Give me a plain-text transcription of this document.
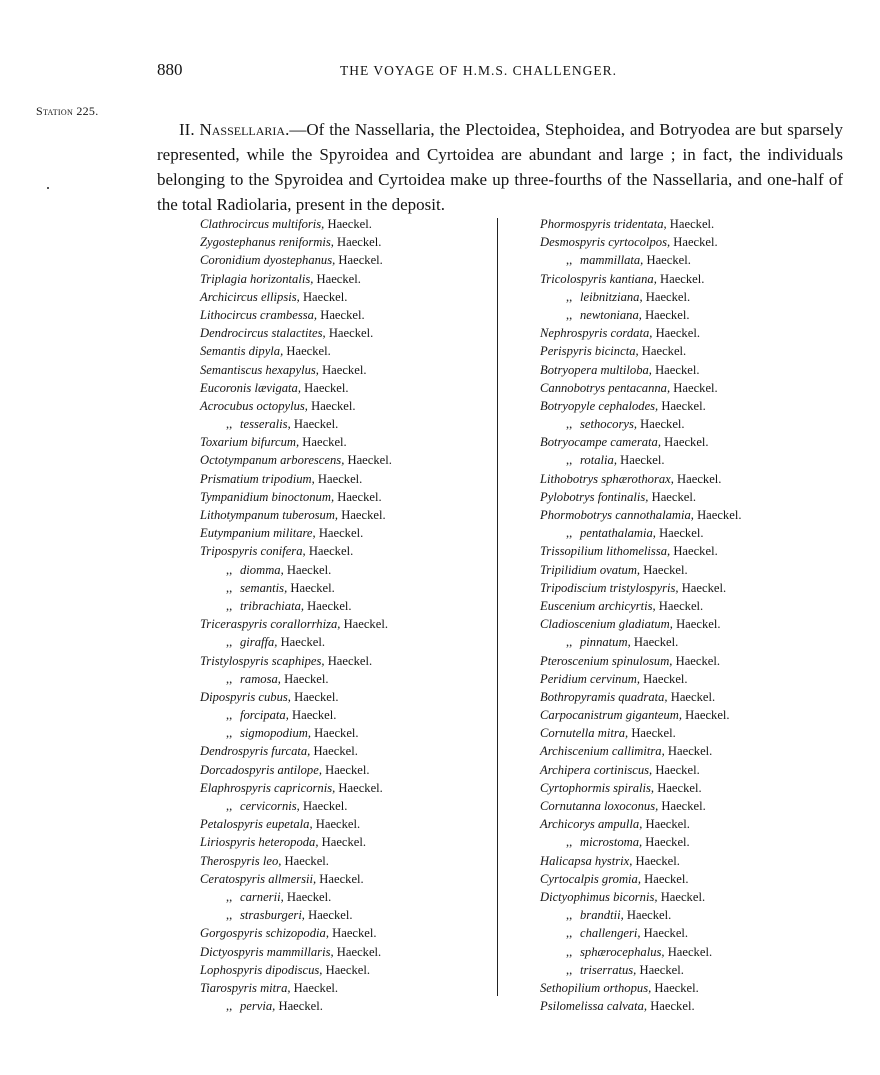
880	THE VOYAGE OF H.M.S. CHALLENGER.
Station 225.

II. Nassellaria.—Of the Nassellaria, the Plectoidea, Stephoidea, and Botryodea are but sparsely represented, while the Spyroidea and Cyrtoidea are abundant and large ; in fact, the individuals belonging to the Spyroidea and Cyrtoidea make up three-fourths of the Nassellaria, and one-half of the total Radiolaria, present in the deposit.

Clathrocircus multiforis, Haeckel.
Zygostephanus reniformis, Haeckel.
Coronidium dyostephanus, Haeckel.
Triplagia horizontalis, Haeckel.
Archicircus ellipsis, Haeckel.
Lithocircus crambessa, Haeckel.
Dendrocircus stalactites, Haeckel.
Semantis dipyla, Haeckel.
Semantiscus hexapylus, Haeckel.
Eucoronis lævigata, Haeckel.
Acrocubus octopylus, Haeckel.
,, tesseralis, Haeckel.
Toxarium bifurcum, Haeckel.
Octotympanum arborescens, Haeckel.
Prismatium tripodium, Haeckel.
Tympanidium binoctonum, Haeckel.
Lithotympanum tuberosum, Haeckel.
Eutympanium militare, Haeckel.
Tripospyris conifera, Haeckel.
,, diomma, Haeckel.
,, semantis, Haeckel.
,, tribrachiata, Haeckel.
Triceraspyris corallorrhiza, Haeckel.
,, giraffa, Haeckel.
Tristylospyris scaphipes, Haeckel.
,, ramosa, Haeckel.
Dipospyris cubus, Haeckel.
,, forcipata, Haeckel.
,, sigmopodium, Haeckel.
Dendrospyris furcata, Haeckel.
Dorcadospyris antilope, Haeckel.
Elaphrospyris capricornis, Haeckel.
,, cervicornis, Haeckel.
Petalospyris eupetala, Haeckel.
Liriospyris heteropoda, Haeckel.
Therospyris leo, Haeckel.
Ceratospyris allmersii, Haeckel.
,, carnerii, Haeckel.
,, strasburgeri, Haeckel.
Gorgospyris schizopodia, Haeckel.
Dictyospyris mammillaris, Haeckel.
Lophospyris dipodiscus, Haeckel.
Tiarospyris mitra, Haeckel.
,, pervia, Haeckel.
Phormospyris tridentata, Haeckel.
Desmospyris cyrtocolpos, Haeckel.
,, mammillata, Haeckel.
Tricolospyris kantiana, Haeckel.
,, leibnitziana, Haeckel.
,, newtoniana, Haeckel.
Nephrospyris cordata, Haeckel.
Perispyris bicincta, Haeckel.
Botryopera multiloba, Haeckel.
Cannobotrys pentacanna, Haeckel.
Botryopyle cephalodes, Haeckel.
,, sethocorys, Haeckel.
Botryocampe camerata, Haeckel.
,, rotalia, Haeckel.
Lithobotrys sphærothorax, Haeckel.
Pylobotrys fontinalis, Haeckel.
Phormobotrys cannothalamia, Haeckel.
,, pentathalamia, Haeckel.
Trissopilium lithomelissa, Haeckel.
Tripilidium ovatum, Haeckel.
Tripodiscium tristylospyris, Haeckel.
Euscenium archicyrtis, Haeckel.
Cladioscenium gladiatum, Haeckel.
,, pinnatum, Haeckel.
Pteroscenium spinulosum, Haeckel.
Peridium cervinum, Haeckel.
Bothropyramis quadrata, Haeckel.
Carpocanistrum giganteum, Haeckel.
Cornutella mitra, Haeckel.
Archiscenium callimitra, Haeckel.
Archipera cortiniscus, Haeckel.
Cyrtophormis spiralis, Haeckel.
Cornutanna loxoconus, Haeckel.
Archicorys ampulla, Haeckel.
,, microstoma, Haeckel.
Halicapsa hystrix, Haeckel.
Cyrtocalpis gromia, Haeckel.
Dictyophimus bicornis, Haeckel.
,, brandtii, Haeckel.
,, challengeri, Haeckel.
,, sphærocephalus, Haeckel.
,, triserratus, Haeckel.
Sethopilium orthopus, Haeckel.
Psilomelissa calvata, Haeckel.
